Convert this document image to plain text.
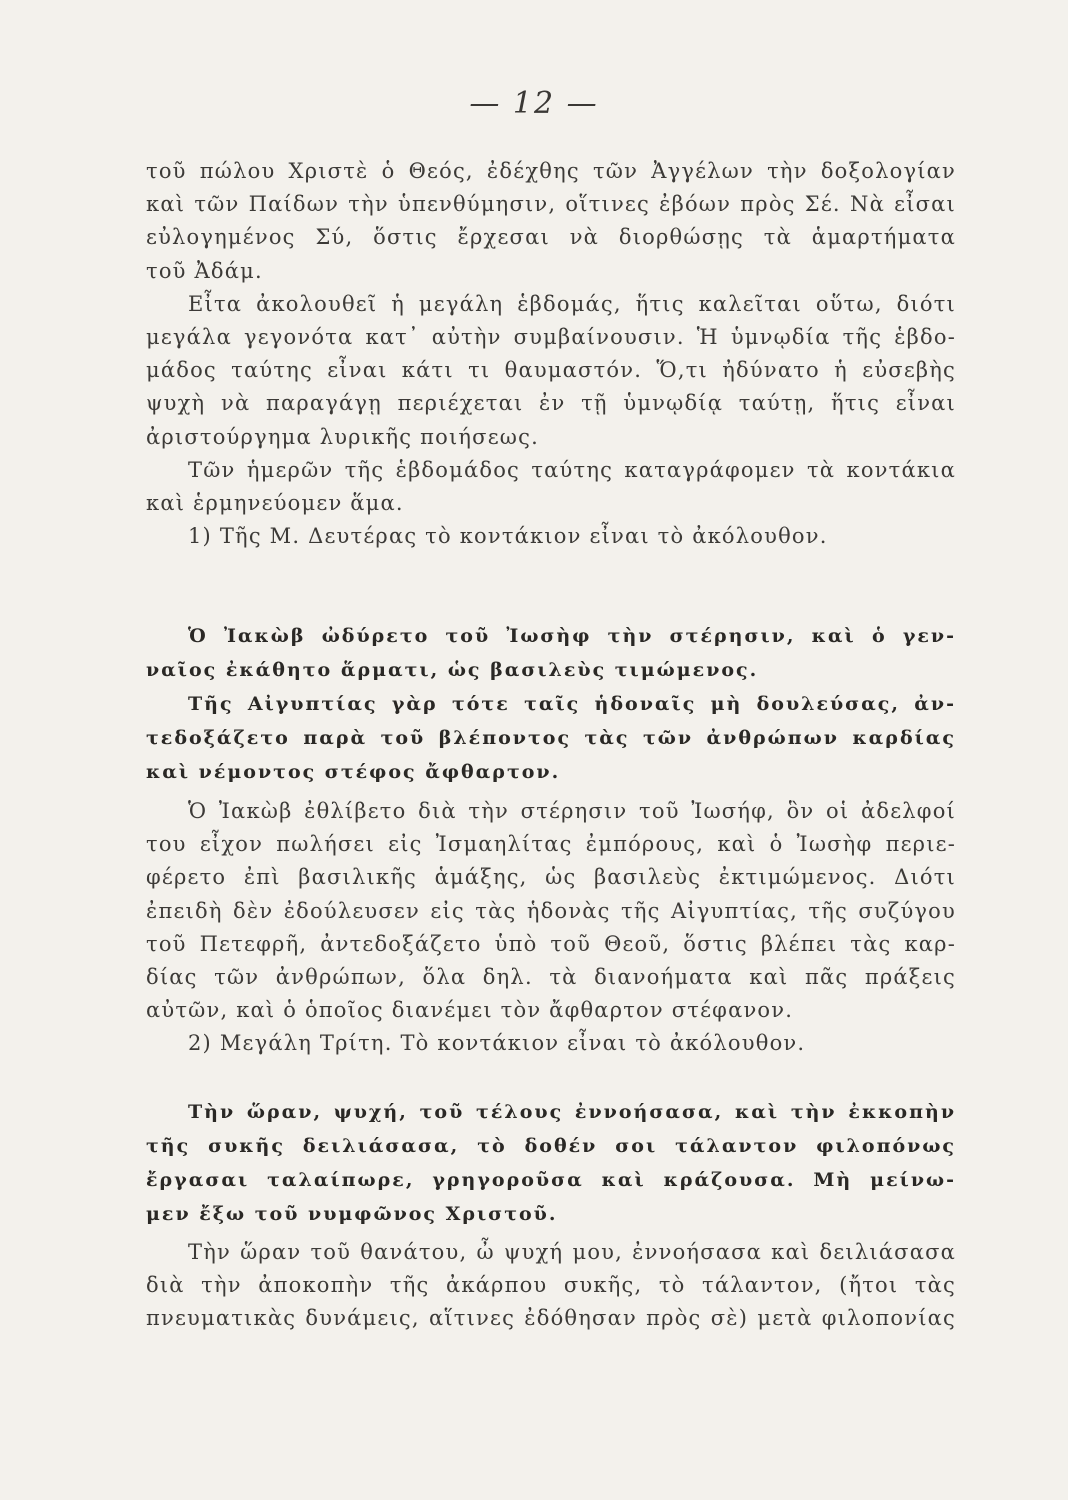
— 12 —
τοῦ πώλου Χριστὲ ὁ Θεός, ἐδέχθης τῶν Ἀγγέλων τὴν δοξολογίαν
καὶ τῶν Παίδων τὴν ὑπενθύμησιν, οἵτινες ἐβόων πρὸς Σέ. Νὰ εἶσαι
εὐλογημένος Σύ, ὅστις ἔρχεσαι νὰ διορθώσῃς τὰ ἁμαρτήματα
τοῦ Ἀδάμ.
Εἶτα ἀκολουθεῖ ἡ μεγάλη ἑβδομάς, ἥτις καλεῖται οὕτω, διότι
μεγάλα γεγονότα κατ᾽ αὐτὴν συμβαίνουσιν. Ἡ ὑμνῳδία τῆς ἑβδο-
μάδος ταύτης εἶναι κάτι τι θαυμαστόν. Ὅ,τι ἠδύνατο ἡ εὐσεβὴς
ψυχὴ νὰ παραγάγῃ περιέχεται ἐν τῇ ὑμνῳδίᾳ ταύτῃ, ἥτις εἶναι
ἀριστούργημα λυρικῆς ποιήσεως.
Τῶν ἡμερῶν τῆς ἑβδομάδος ταύτης καταγράφομεν τὰ κοντάκια
καὶ ἑρμηνεύομεν ἅμα.
1) Τῆς Μ. Δευτέρας τὸ κοντάκιον εἶναι τὸ ἀκόλουθον.
Ὁ Ἰακὼβ ὠδύρετο τοῦ Ἰωσὴφ τὴν στέρησιν, καὶ ὁ γεν-
ναῖος ἐκάθητο ἅρματι, ὡς βασιλεὺς τιμώμενος.
Τῆς Αἰγυπτίας γὰρ τότε ταῖς ἡδοναῖς μὴ δουλεύσας, ἀν-
τεδοξάζετο παρὰ τοῦ βλέποντος τὰς τῶν ἀνθρώπων καρδίας
καὶ νέμοντος στέφος ἄφθαρτον.
Ὁ Ἰακὼβ ἐθλίβετο διὰ τὴν στέρησιν τοῦ Ἰωσήφ, ὃν οἱ ἀδελφοί
του εἶχον πωλήσει εἰς Ἰσμαηλίτας ἐμπόρους, καὶ ὁ Ἰωσὴφ περιε-
φέρετο ἐπὶ βασιλικῆς ἁμάξης, ὡς βασιλεὺς ἐκτιμώμενος. Διότι
ἐπειδὴ δὲν ἐδούλευσεν εἰς τὰς ἡδονὰς τῆς Αἰγυπτίας, τῆς συζύγου
τοῦ Πετεφρῆ, ἀντεδοξάζετο ὑπὸ τοῦ Θεοῦ, ὅστις βλέπει τὰς καρ-
δίας τῶν ἀνθρώπων, ὅλα δηλ. τὰ διανοήματα καὶ πᾶς πράξεις
αὐτῶν, καὶ ὁ ὁποῖος διανέμει τὸν ἄφθαρτον στέφανον.
2) Μεγάλη Τρίτη. Τὸ κοντάκιον εἶναι τὸ ἀκόλουθον.
Τὴν ὥραν, ψυχή, τοῦ τέλους ἐννοήσασα, καὶ τὴν ἐκκοπὴν
τῆς συκῆς δειλιάσασα, τὸ δοθέν σοι τάλαντον φιλοπόνως
ἔργασαι ταλαίπωρε, γρηγοροῦσα καὶ κράζουσα. Μὴ μείνω-
μεν ἔξω τοῦ νυμφῶνος Χριστοῦ.
Τὴν ὥραν τοῦ θανάτου, ὦ ψυχή μου, ἐννοήσασα καὶ δειλιάσασα
διὰ τὴν ἀποκοπὴν τῆς ἀκάρπου συκῆς, τὸ τάλαντον, (ἤτοι τὰς
πνευματικὰς δυνάμεις, αἵτινες ἐδόθησαν πρὸς σὲ) μετὰ φιλοπονίας
